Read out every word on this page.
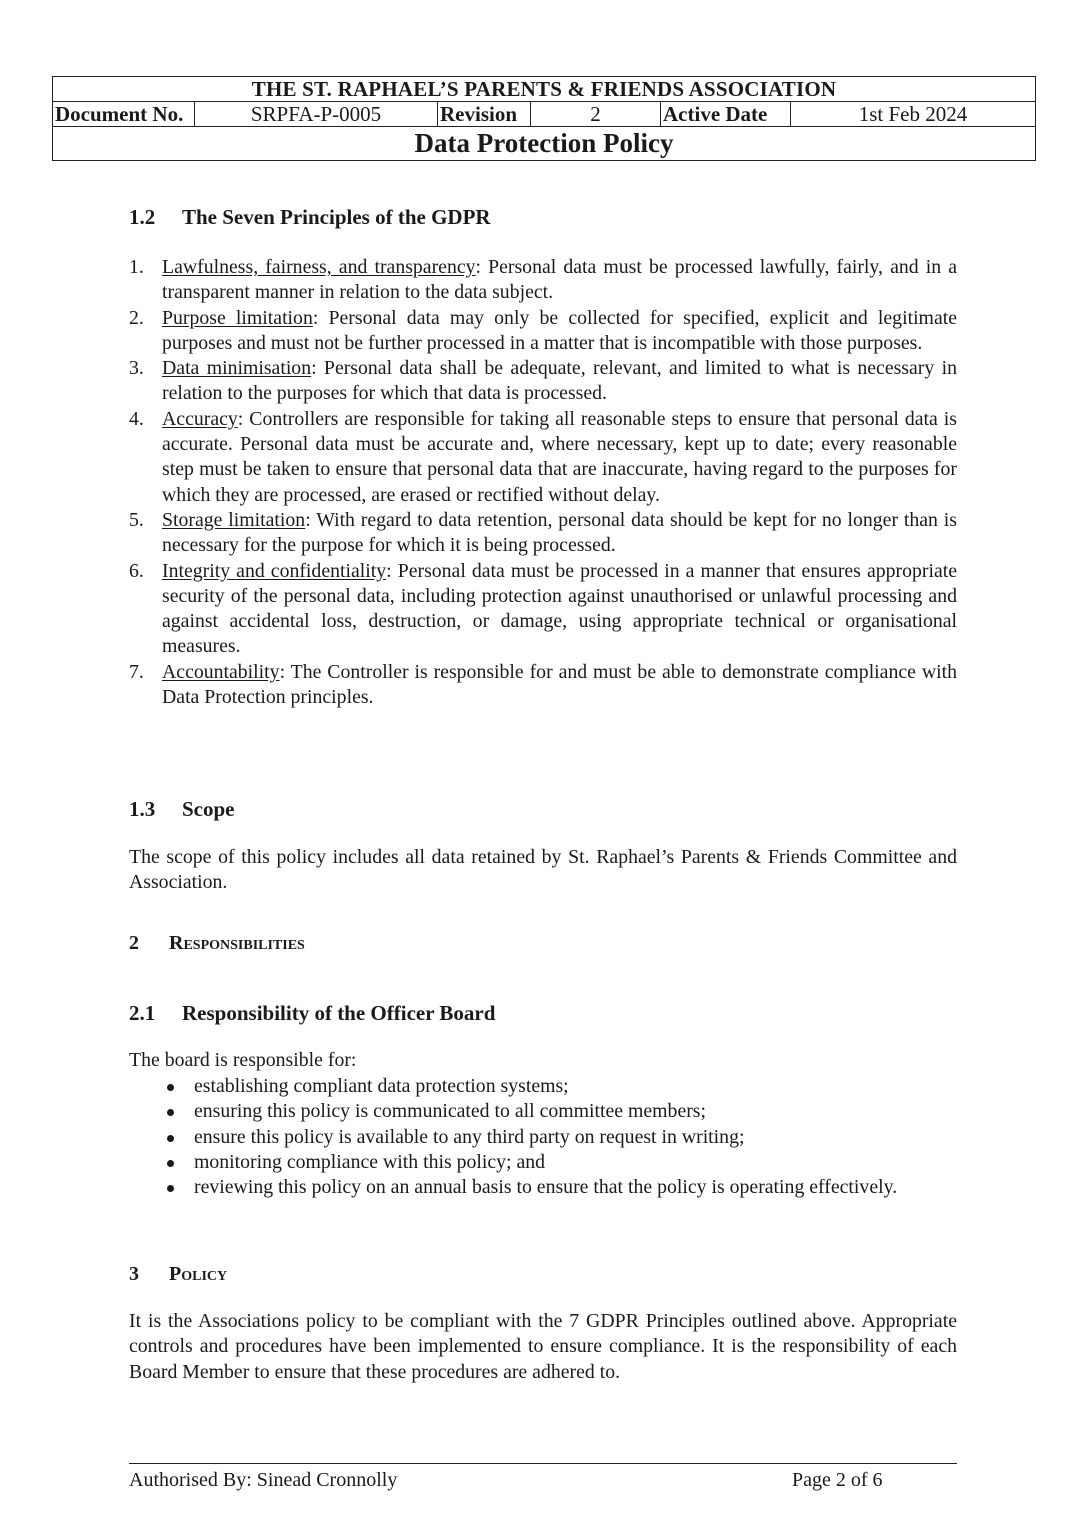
THE ST. RAPHAEL’S PARENTS & FRIENDS ASSOCIATION
Document No.	SRPFA-P-0005	Revision	2	Active Date	1st Feb 2024
Data Protection Policy
1.2 The Seven Principles of the GDPR
1. Lawfulness, fairness, and transparency: Personal data must be processed lawfully, fairly, and in a transparent manner in relation to the data subject.
2. Purpose limitation: Personal data may only be collected for specified, explicit and legitimate purposes and must not be further processed in a matter that is incompatible with those purposes.
3. Data minimisation: Personal data shall be adequate, relevant, and limited to what is necessary in relation to the purposes for which that data is processed.
4. Accuracy: Controllers are responsible for taking all reasonable steps to ensure that personal data is accurate. Personal data must be accurate and, where necessary, kept up to date; every reasonable step must be taken to ensure that personal data that are inaccurate, having regard to the purposes for which they are processed, are erased or rectified without delay.
5. Storage limitation: With regard to data retention, personal data should be kept for no longer than is necessary for the purpose for which it is being processed.
6. Integrity and confidentiality: Personal data must be processed in a manner that ensures appropriate security of the personal data, including protection against unauthorised or unlawful processing and against accidental loss, destruction, or damage, using appropriate technical or organisational measures.
7. Accountability: The Controller is responsible for and must be able to demonstrate compliance with Data Protection principles.
1.3 Scope

The scope of this policy includes all data retained by St. Raphael’s Parents & Friends Committee and Association.

2 Responsibilities
2.1 Responsibility of the Officer Board

The board is responsible for:

establishing compliant data protection systems;
ensuring this policy is communicated to all committee members;
ensure this policy is available to any third party on request in writing;
monitoring compliance with this policy; and
reviewing this policy on an annual basis to ensure that the policy is operating effectively.
3 Policy

It is the Associations policy to be compliant with the 7 GDPR Principles outlined above. Appropriate controls and procedures have been implemented to ensure compliance. It is the responsibility of each Board Member to ensure that these procedures are adhered to.

Authorised By: Sinead Cronnolly	Page 2 of 6
